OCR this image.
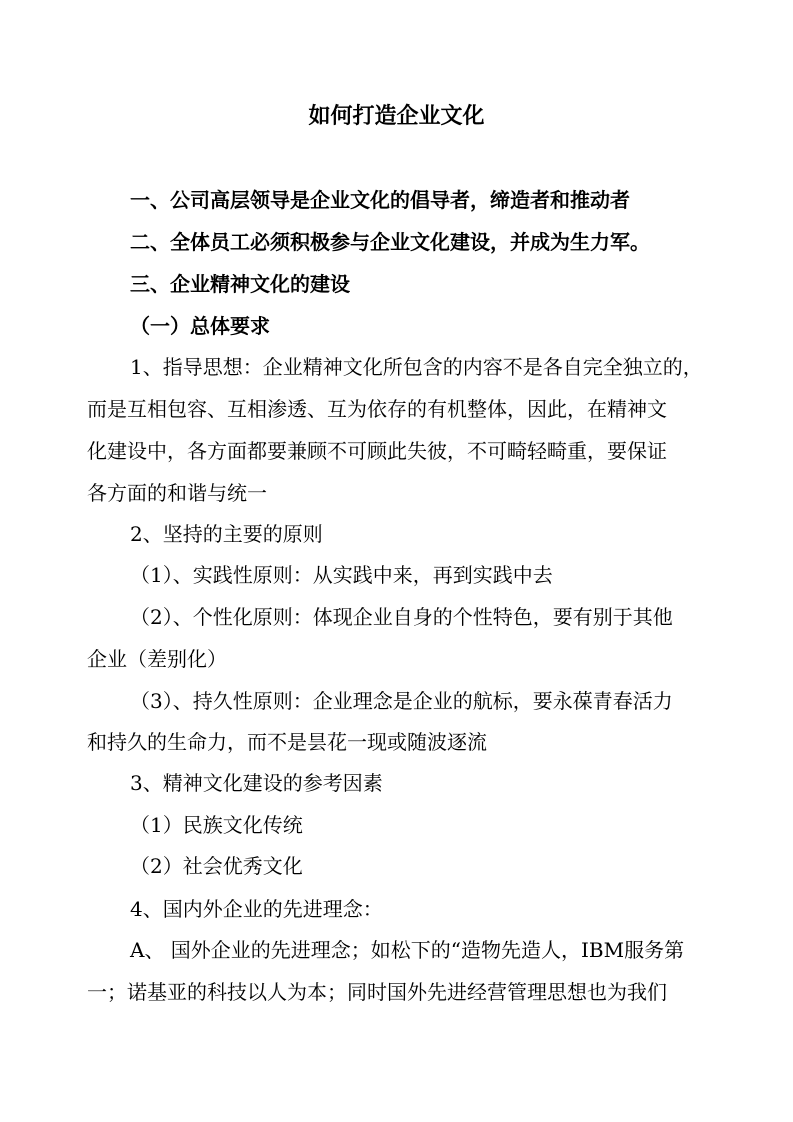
如何打造企业文化
一、公司高层领导是企业文化的倡导者，缔造者和推动者
二、全体员工必须积极参与企业文化建设，并成为生力军。
三、企业精神文化的建设
（一）总体要求
1、指导思想：企业精神文化所包含的内容不是各自完全独立的，
而是互相包容、互相渗透、互为依存的有机整体，因此，在精神文
化建设中，各方面都要兼顾不可顾此失彼，不可畸轻畸重，要保证
各方面的和谐与统一
2、坚持的主要的原则
（1）、实践性原则：从实践中来，再到实践中去
（2）、个性化原则：体现企业自身的个性特色，要有别于其他
企业（差别化）
（3）、持久性原则：企业理念是企业的航标，要永葆青春活力
和持久的生命力，而不是昙花一现或随波逐流
3、精神文化建设的参考因素
（1）民族文化传统
（2）社会优秀文化
4、国内外企业的先进理念：
A、 国外企业的先进理念；如松下的“造物先造人，IBM服务第
一；诺基亚的科技以人为本；同时国外先进经营管理思想也为我们
